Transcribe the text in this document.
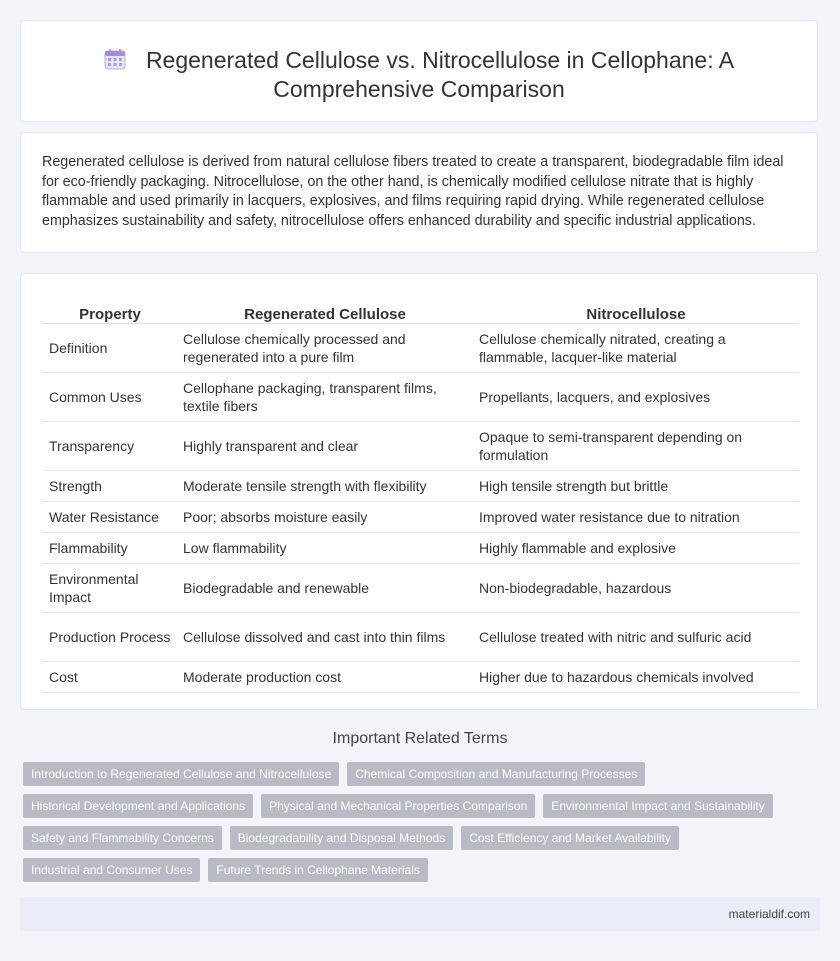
Regenerated Cellulose vs. Nitrocellulose in Cellophane: A Comprehensive Comparison

Regenerated cellulose is derived from natural cellulose fibers treated to create a transparent, biodegradable film ideal for eco-friendly packaging. Nitrocellulose, on the other hand, is chemically modified cellulose nitrate that is highly flammable and used primarily in lacquers, explosives, and films requiring rapid drying. While regenerated cellulose emphasizes sustainability and safety, nitrocellulose offers enhanced durability and specific industrial applications.

Property	Regenerated Cellulose	Nitrocellulose
Definition	Cellulose chemically processed and regenerated into a pure film	Cellulose chemically nitrated, creating a flammable, lacquer-like material
Common Uses	Cellophane packaging, transparent films, textile fibers	Propellants, lacquers, and explosives
Transparency	Highly transparent and clear	Opaque to semi-transparent depending on formulation
Strength	Moderate tensile strength with flexibility	High tensile strength but brittle
Water Resistance	Poor; absorbs moisture easily	Improved water resistance due to nitration
Flammability	Low flammability	Highly flammable and explosive
Environmental Impact	Biodegradable and renewable	Non-biodegradable, hazardous
Production Process	Cellulose dissolved and cast into thin films	Cellulose treated with nitric and sulfuric acid
Cost	Moderate production cost	Higher due to hazardous chemicals involved
Important Related Terms
Introduction to Regenerated Cellulose and Nitrocellulose	Chemical Composition and Manufacturing Processes
Historical Development and Applications	Physical and Mechanical Properties Comparison	Environmental Impact and Sustainability
Safety and Flammability Concerns	Biodegradability and Disposal Methods	Cost Efficiency and Market Availability
Industrial and Consumer Uses	Future Trends in Cellophane Materials
materialdif.com
